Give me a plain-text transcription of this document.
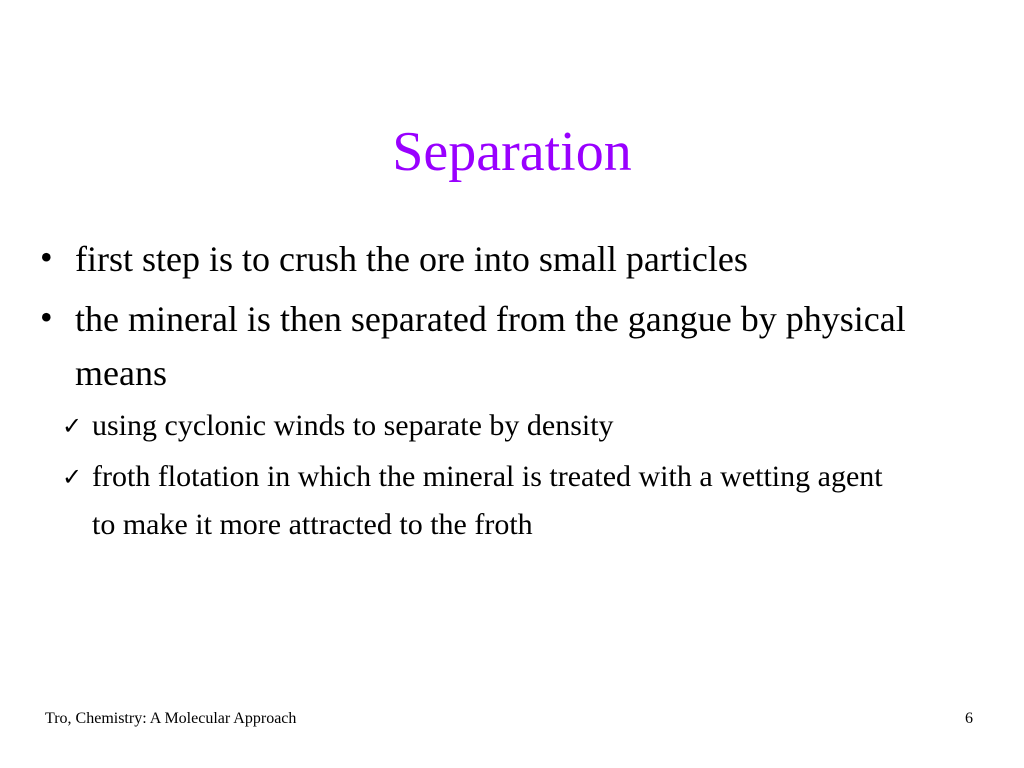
Separation
• first step is to crush the ore into small particles
• the mineral is then separated from the gangue by physical means
✓ using cyclonic winds to separate by density
✓ froth flotation in which the mineral is treated with a wetting agent to make it more attracted to the froth
Tro, Chemistry: A Molecular Approach	6
